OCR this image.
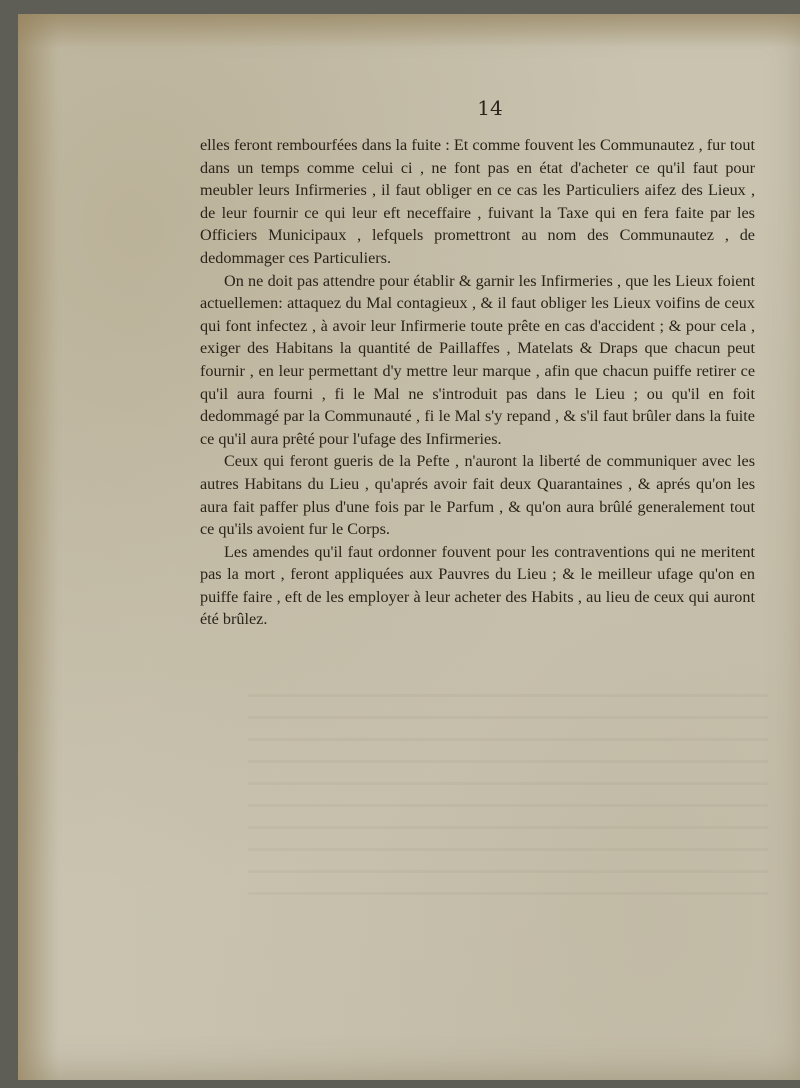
14

elles feront rembourfées dans la fuite : Et comme fouvent les Communautez , fur tout dans un temps comme celui ci , ne font pas en état d'acheter ce qu'il faut pour meubler leurs Infirmeries , il faut obliger en ce cas les Particuliers aifez des Lieux , de leur fournir ce qui leur eft neceffaire , fuivant la Taxe qui en fera faite par les Officiers Municipaux , lefquels promettront au nom des Communautez , de dedommager ces Particuliers.

On ne doit pas attendre pour établir & garnir les Infirmeries , que les Lieux foient actuellemen: attaquez du Mal contagieux , & il faut obliger les Lieux voifins de ceux qui font infectez , à avoir leur Infirmerie toute prête en cas d'accident ; & pour cela , exiger des Habitans la quantité de Paillaffes , Matelats & Draps que chacun peut fournir , en leur permettant d'y mettre leur marque , afin que chacun puiffe retirer ce qu'il aura fourni , fi le Mal ne s'introduit pas dans le Lieu ; ou qu'il en foit dedommagé par la Communauté , fi le Mal s'y repand , & s'il faut brûler dans la fuite ce qu'il aura prêté pour l'ufage des Infirmeries.

Ceux qui feront gueris de la Pefte , n'auront la liberté de communiquer avec les autres Habitans du Lieu , qu'aprés avoir fait deux Quarantaines , & aprés qu'on les aura fait paffer plus d'une fois par le Parfum , & qu'on aura brûlé generalement tout ce qu'ils avoient fur le Corps.

Les amendes qu'il faut ordonner fouvent pour les contraventions qui ne meritent pas la mort , feront appliquées aux Pauvres du Lieu ; & le meilleur ufage qu'on en puiffe faire , eft de les employer à leur acheter des Habits , au lieu de ceux qui auront été brûlez.
